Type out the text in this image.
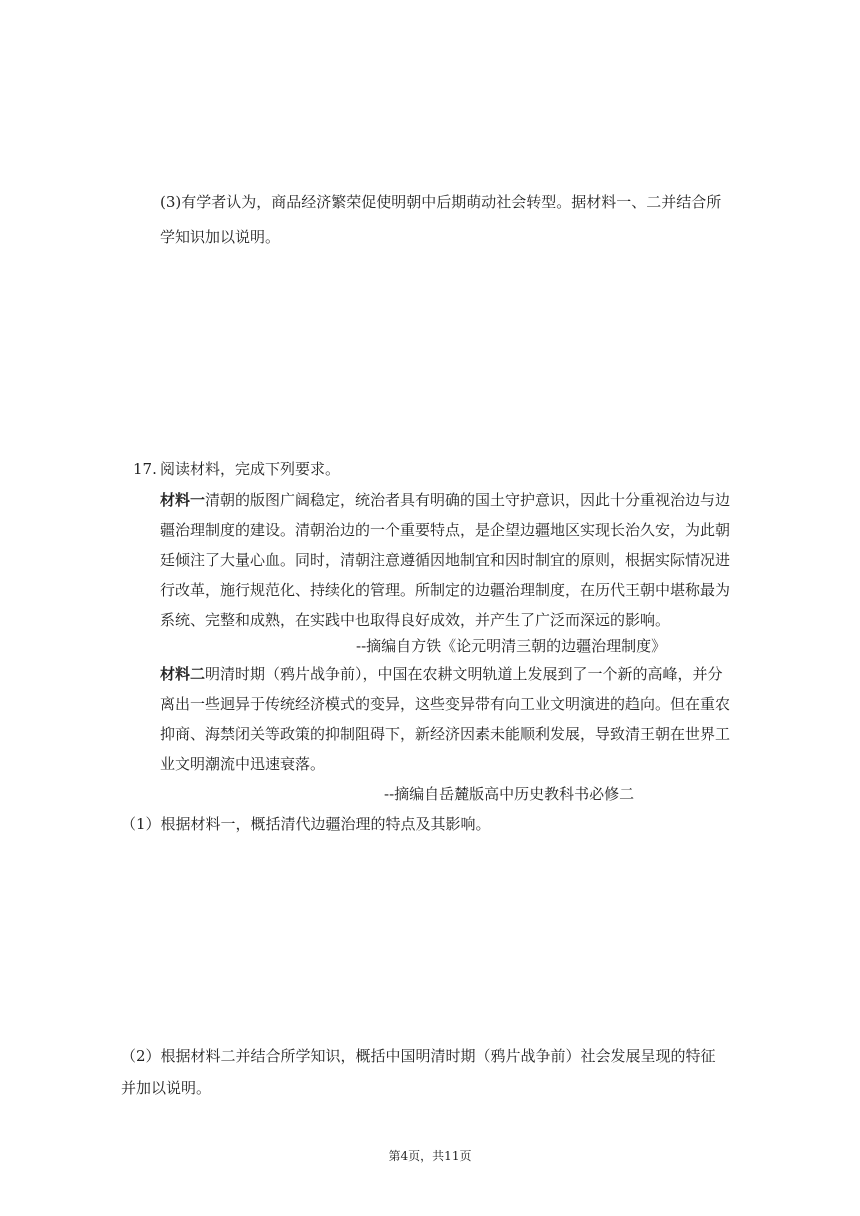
(3)有学者认为，商品经济繁荣促使明朝中后期萌动社会转型。据材料一、二并结合所
学知识加以说明。
17. 阅读材料，完成下列要求。
材料一清朝的版图广阔稳定，统治者具有明确的国土守护意识，因此十分重视治边与边
疆治理制度的建设。清朝治边的一个重要特点，是企望边疆地区实现长治久安，为此朝
廷倾注了大量心血。同时，清朝注意遵循因地制宜和因时制宜的原则，根据实际情况进
行改革，施行规范化、持续化的管理。所制定的边疆治理制度，在历代王朝中堪称最为
系统、完整和成熟，在实践中也取得良好成效，并产生了广泛而深远的影响。
--摘编自方铁《论元明清三朝的边疆治理制度》
材料二明清时期（鸦片战争前），中国在农耕文明轨道上发展到了一个新的高峰，并分
离出一些迥异于传统经济模式的变异，这些变异带有向工业文明演进的趋向。但在重农
抑商、海禁闭关等政策的抑制阻碍下，新经济因素未能顺利发展，导致清王朝在世界工
业文明潮流中迅速衰落。
--摘编自岳麓版高中历史教科书必修二
（1）根据材料一，概括清代边疆治理的特点及其影响。
（2）根据材料二并结合所学知识，概括中国明清时期（鸦片战争前）社会发展呈现的特征
并加以说明。
第4页，共11页
